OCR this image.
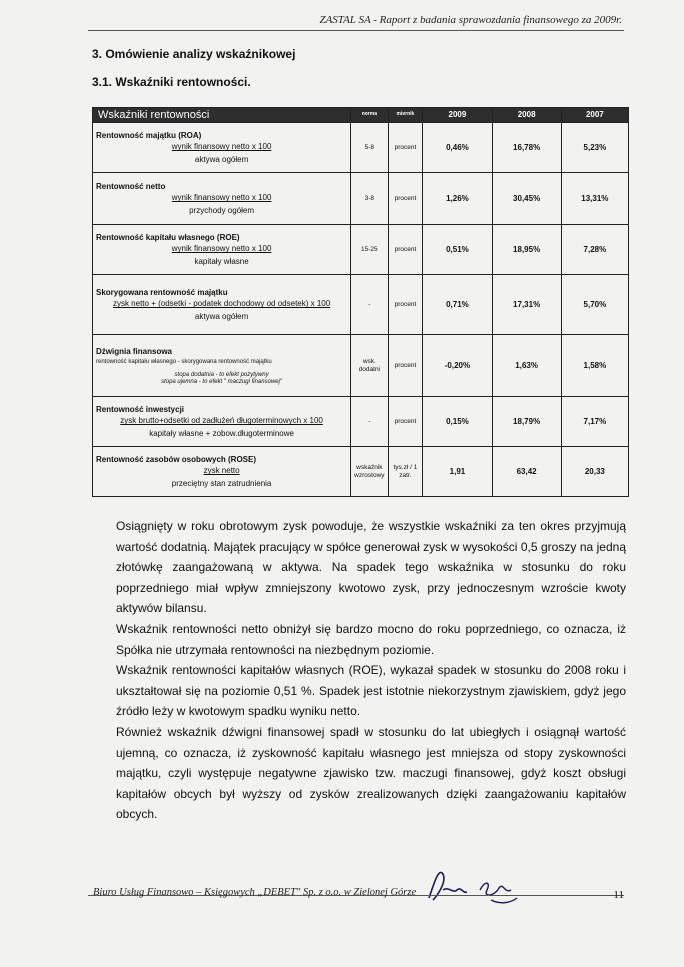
ZASTAL SA - Raport z badania sprawozdania finansowego za 2009r.
3. Omówienie analizy wskaźnikowej
3.1. Wskaźniki rentowności.
Wskaźniki rentowności	norma	miernik	2009	2008	2007

Rentowność majątku (ROA)
wynik finansowy netto x 100
aktywa ogółem	5-8	procent	0,46%	16,78%	5,23%

Rentowność netto
wynik finansowy netto x 100
przychody ogółem	3-8	procent	1,26%	30,45%	13,31%

Rentowność kapitału własnego (ROE)
wynik finansowy netto x 100
kapitały własne	15-25	procent	0,51%	18,95%	7,28%

Skorygowana rentowność majątku
zysk netto + (odsetki - podatek dochodowy od odsetek) x 100
aktywa ogółem	-	procent	0,71%	17,31%	5,70%

Dźwignia finansowa
rentowność kapitału własnego - skorygowana rentowność majątku
stopa dodatnia - to efekt pozytywny
stopa ujemna - to efekt " maczugi finansowej"	wsk. dodatni	procent	-0,20%	1,63%	1,58%

Rentowność inwestycji
zysk brutto+odsetki od zadłużeń długoterminowych x 100
kapitały własne + zobow.długoterminowe	-	procent	0,15%	18,79%	7,17%

Rentowność zasobów osobowych (ROSE)
zysk netto
przeciętny stan zatrudnienia	wskaźnik wzrostowy	tys.zł / 1 zatr.	1,91	63,42	20,33

Osiągnięty w roku obrotowym zysk powoduje, że wszystkie wskaźniki za ten okres przyjmują wartość dodatnią. Majątek pracujący w spółce generował zysk w wysokości 0,5 groszy na jedną złotówkę zaangażowaną w aktywa. Na spadek tego wskaźnika w stosunku do roku poprzedniego miał wpływ zmniejszony kwotowo zysk, przy jednoczesnym wzroście kwoty aktywów bilansu.

Wskaźnik rentowności netto obniżył się bardzo mocno do roku poprzedniego, co oznacza, iż Spółka nie utrzymała rentowności na niezbędnym poziomie.

Wskaźnik rentowności kapitałów własnych (ROE), wykazał spadek w stosunku do 2008 roku i ukształtował się na poziomie 0,51 %. Spadek jest istotnie niekorzystnym zjawiskiem, gdyż jego źródło leży w kwotowym spadku wyniku netto.

Również wskaźnik dźwigni finansowej spadł w stosunku do lat ubiegłych i osiągnął wartość ujemną, co oznacza, iż zyskowność kapitału własnego jest mniejsza od stopy zyskowności majątku, czyli występuje negatywne zjawisko tzw. maczugi finansowej, gdyż koszt obsługi kapitałów obcych był wyższy od zysków zrealizowanych dzięki zaangażowaniu kapitałów obcych.

Biuro Usług Finansowo – Księgowych „DEBET" Sp. z o.o. w Zielonej Górze	11
